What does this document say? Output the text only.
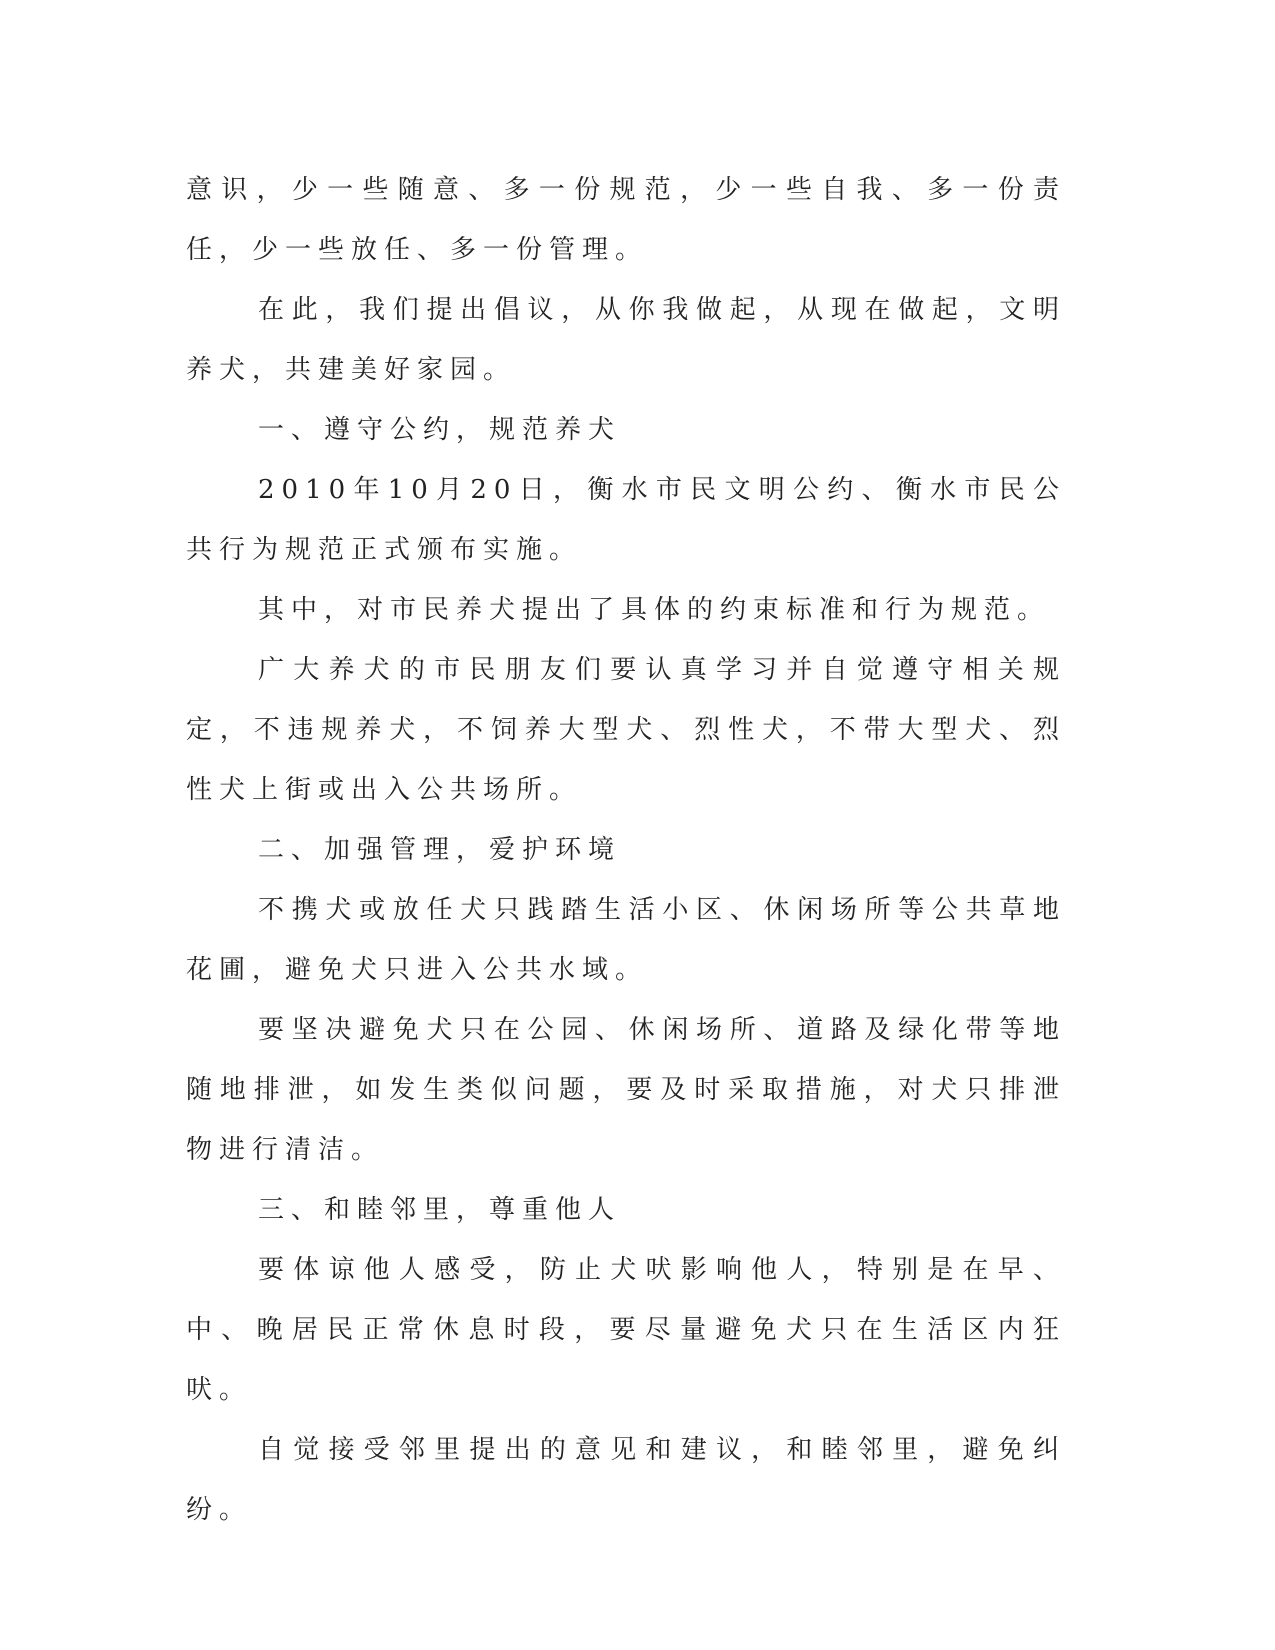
意识，少一些随意、多一份规范，少一些自我、多一份责任，少一些放任、多一份管理。

在此，我们提出倡议，从你我做起，从现在做起，文明养犬，共建美好家园。

一、遵守公约，规范养犬

2010年10月20日，衡水市民文明公约、衡水市民公共行为规范正式颁布实施。

其中，对市民养犬提出了具体的约束标准和行为规范。

广大养犬的市民朋友们要认真学习并自觉遵守相关规定，不违规养犬，不饲养大型犬、烈性犬，不带大型犬、烈性犬上街或出入公共场所。

二、加强管理，爱护环境

不携犬或放任犬只践踏生活小区、休闲场所等公共草地花圃，避免犬只进入公共水域。

要坚决避免犬只在公园、休闲场所、道路及绿化带等地随地排泄，如发生类似问题，要及时采取措施，对犬只排泄物进行清洁。

三、和睦邻里，尊重他人

要体谅他人感受，防止犬吠影响他人，特别是在早、中、晚居民正常休息时段，要尽量避免犬只在生活区内狂吠。

自觉接受邻里提出的意见和建议，和睦邻里，避免纠纷。
